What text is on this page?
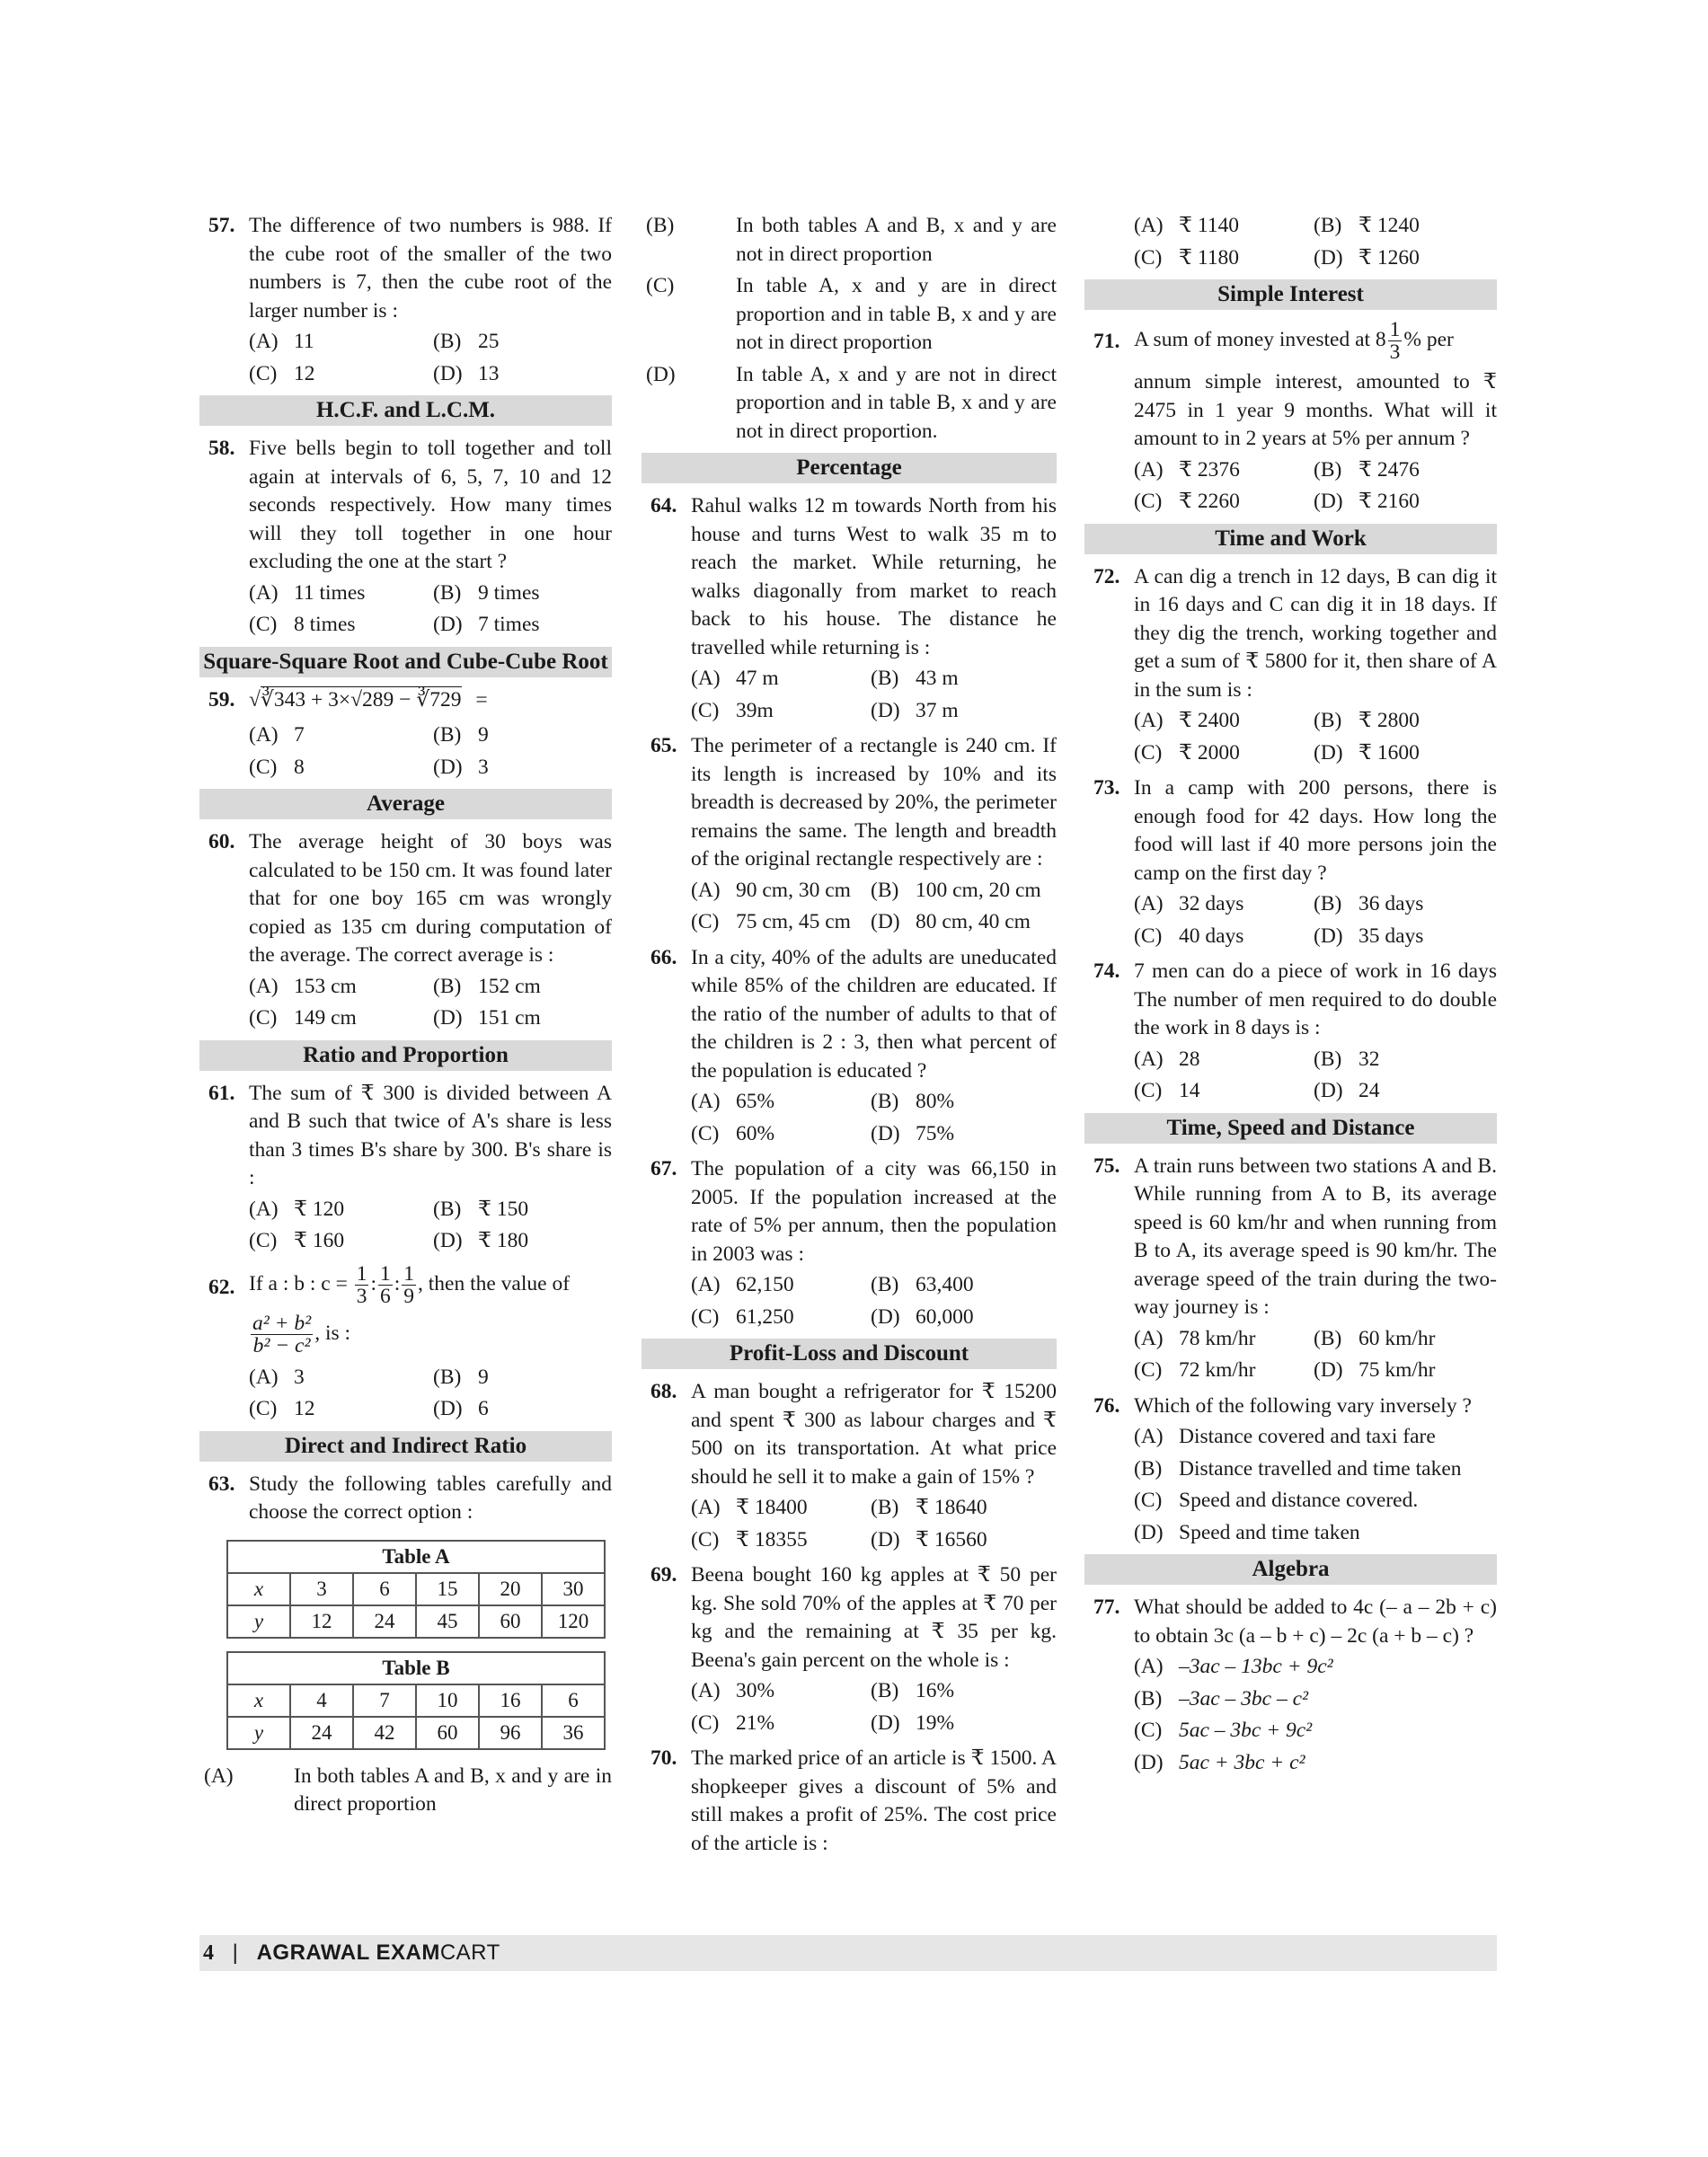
57. The difference of two numbers is 988. If the cube root of the smaller of the two numbers is 7, then the cube root of the larger number is :
(A) 11	(B) 25
(C) 12	(D) 13
H.C.F. and L.C.M.
58. Five bells begin to toll together and toll again at intervals of 6, 5, 7, 10 and 12 seconds respectively. How many times will they toll together in one hour excluding the one at the start ?
(A) 11 times	(B) 9 times
(C) 8 times	(D) 7 times
Square-Square Root and Cube-Cube Root
59. √∛343 + 3×√289 − ∛729 =
(A) 7	(B) 9
(C) 8	(D) 3
Average
60. The average height of 30 boys was calculated to be 150 cm. It was found later that for one boy 165 cm was wrongly copied as 135 cm during computation of the average. The correct average is :
(A) 153 cm	(B) 152 cm
(C) 149 cm	(D) 151 cm
Ratio and Proportion
61. The sum of ₹ 300 is divided between A and B such that twice of A's share is less than 3 times B's share by 300. B's share is :
(A) ₹ 120	(B) ₹ 150
(C) ₹ 160	(D) ₹ 180
62. If a : b : $c = \frac{1}{3}$ : $\frac{1}{6}$ : $\frac{1}{9}$ , then the value of
$\frac{\text{a² + b²}}{\text{b² − c²}}$ , is :
(A) 3	(B) 9
(C) 12	(D) 6
Direct and Indirect Ratio
63. Study the following tables carefully and choose the correct option :
Table A					
x	3	6	15	20	30
y	12	24	45	60	120
Table B					
x	4	7	10	16	6
y	24	42	60	96	36
(A)	In both tables A and B, x and y are in direct proportion
(B)	In both tables A and B, x and y are not in direct proportion
(C)	In table A, x and y are in direct proportion and in table B, x and y are not in direct proportion
(D)	In table A, x and y are not in direct proportion and in table B, x and y are not in direct proportion.
Percentage
64. Rahul walks 12 m towards North from his house and turns West to walk 35 m to reach the market. While returning, he walks diagonally from market to reach back to his house. The distance he travelled while returning is :
(A) 47 m	(B) 43 m
(C) 39m	(D) 37 m
65. The perimeter of a rectangle is 240 cm. If its length is increased by 10% and its breadth is decreased by 20%, the perimeter remains the same. The length and breadth of the original rectangle respectively are :
(A) 90 cm, 30 cm (B) 100 cm, 20 cm
(C) 75 cm, 45 cm (D) 80 cm, 40 cm
66. In a city, 40% of the adults are uneducated while 85% of the children are educated. If the ratio of the number of adults to that of the children is 2 : 3, then what percent of the population is educated ?
(A) 65%	(B) 80%
(C) 60%	(D) 75%
67. The population of a city was 66,150 in 2005. If the population increased at the rate of 5% per annum, then the population in 2003 was :
(A) 62,150	(B) 63,400
(C) 61,250	(D) 60,000
Profit-Loss and Discount
68. A man bought a refrigerator for ₹ 15200 and spent ₹ 300 as labour charges and ₹ 500 on its transportation. At what price should he sell it to make a gain of 15% ?
(A) ₹ 18400	(B) ₹ 18640
(C) ₹ 18355	(D) ₹ 16560
69. Beena bought 160 kg apples at ₹ 50 per kg. She sold 70% of the apples at ₹ 70 per kg and the remaining at ₹ 35 per kg. Beena's gain percent on the whole is :
(A) 30%	(B) 16%
(C) 21%	(D) 19%
70. The marked price of an article is ₹ 1500. A shopkeeper gives a discount of 5% and still makes a profit of 25%. The cost price of the article is :
(A) ₹ 1140	(B) ₹ 1240
(C) ₹ 1180	(D) ₹ 1260
Simple Interest
71. A sum of money invested at $8 \frac{1}{3}$ % per
annum simple interest, amounted to ₹ 2475 in 1 year 9 months. What will it amount to in 2 years at 5% per annum ?
(A) ₹ 2376	(B) ₹ 2476
(C) ₹ 2260	(D) ₹ 2160
Time and Work
72. A can dig a trench in 12 days, B can dig it in 16 days and C can dig it in 18 days. If they dig the trench, working together and get a sum of ₹ 5800 for it, then share of A in the sum is :
(A) ₹ 2400	(B) ₹ 2800
(C) ₹ 2000	(D) ₹ 1600
73. In a camp with 200 persons, there is enough food for 42 days. How long the food will last if 40 more persons join the camp on the first day ?
(A) 32 days	(B) 36 days
(C) 40 days	(D) 35 days
74. 7 men can do a piece of work in 16 days The number of men required to do double the work in 8 days is :
(A) 28	(B) 32
(C) 14	(D) 24
Time, Speed and Distance
75. A train runs between two stations A and B. While running from A to B, its average speed is 60 km/hr and when running from B to A, its average speed is 90 km/hr. The average speed of the train during the two-way journey is :
(A) 78 km/hr	(B) 60 km/hr
(C) 72 km/hr	(D) 75 km/hr
76. Which of the following vary inversely ?
(A) Distance covered and taxi fare
(B) Distance travelled and time taken
(C) Speed and distance covered.
(D) Speed and time taken
Algebra
77. What should be added to 4c (– a – 2b + c) to obtain 3c (a – b + c) – 2c (a + b – c) ?
(A) –3ac – 13bc + 9c²
(B) –3ac – 3bc – c²
(C) 5ac – 3bc + 9c²
(D) 5ac + 3bc + c²
4 | AGRAWAL EXAMCART
